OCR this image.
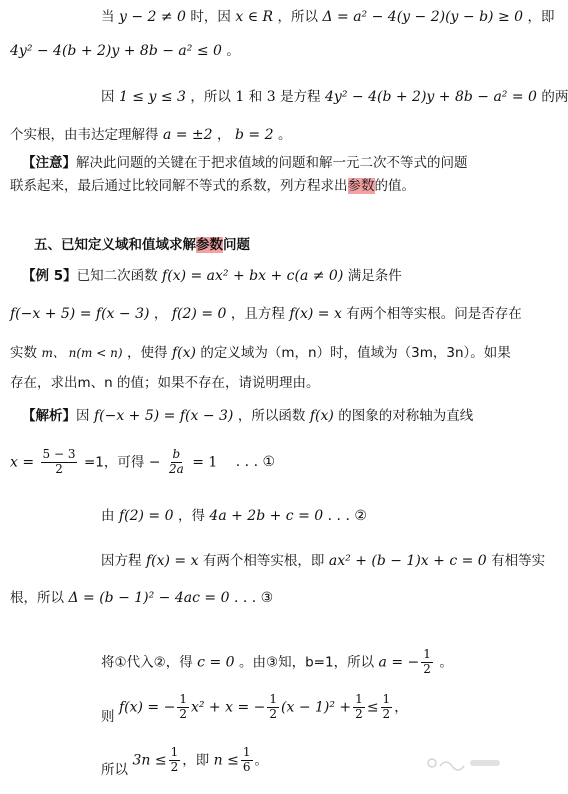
当 y − 2 ≠ 0 时，因 x ∈ R ，所以 Δ = a² − 4(y − 2)(y − b) ≥ 0 ，即
4y² − 4(b + 2)y + 8b − a² ≤ 0 。
因 1 ≤ y ≤ 3 ，所以 1 和 3 是方程 4y² − 4(b + 2)y + 8b − a² = 0 的两
个实根，由韦达定理解得 a = ±2 ， b = 2 。
【注意】解决此问题的关键在于把求值域的问题和解一元二次不等式的问题
联系起来，最后通过比较同解不等式的系数，列方程求出参数的值。
五、已知定义域和值域求解参数问题
【例 5】已知二次函数 f(x) = ax² + bx + c(a ≠ 0) 满足条件
f(−x + 5) = f(x − 3) ， f(2) = 0 ，且方程 f(x) = x 有两个相等实根。问是否存在
实数 m、 n(m < n) ，使得 f(x) 的定义域为（m，n）时，值域为（3m，3n）。如果
存在，求出m、n 的值；如果不存在，请说明理由。
【解析】因 f(−x + 5) = f(x − 3) ，所以函数 f(x) 的图象的对称轴为直线
$x = \frac{5 - 3}{2} =1$，可得 − $\frac{b}{2a} = 1$ . . . ①
由 f(2) = 0 ，得 4a + 2b + c = 0 . . . ②
因方程 f(x) = x 有两个相等实根，即 ax² + (b − 1)x + c = 0 有相等实
根，所以 Δ = (b − 1)² − 4ac = 0 . . . ③
将①代入②，得 c = 0 。由③知，b=1，所以 a = − $\frac{1}{2}$ 。
则 f(x) = − $\frac{1}{2} x^2 + x$ = − $\frac{1}{2} (x - 1)^2 + \frac{1}{2} \le \frac{1}{2}$ ，
所以 $3n \le \frac{1}{2}$ ，即 $n \le \frac{1}{6}$ 。
